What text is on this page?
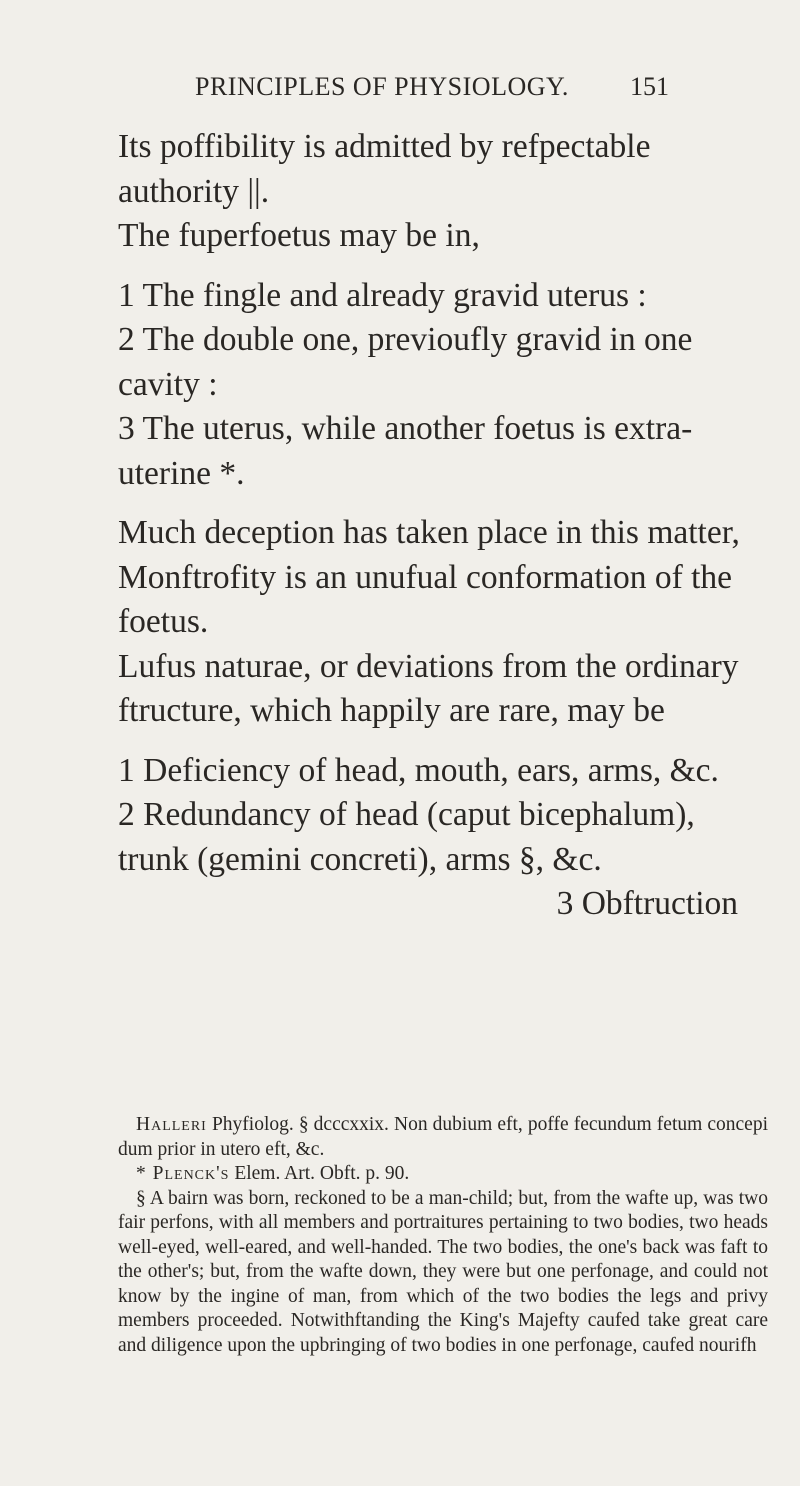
PRINCIPLES OF PHYSIOLOGY. 151

Its poffibility is admitted by refpectable authority ||.

The fuperfoetus may be in,

1 The fingle and already gravid uterus :

2 The double one, previoufly gravid in one cavity :

3 The uterus, while another foetus is extra-uterine *.

Much deception has taken place in this matter,

Monftrofity is an unufual conformation of the foetus.

Lufus naturae, or deviations from the ordinary ftructure, which happily are rare, may be

1 Deficiency of head, mouth, ears, arms, &c.

2 Redundancy of head (caput bicephalum), trunk (gemini concreti), arms §, &c.

3 Obftruction

Halleri Phyfiolog. § dcccxxix. Non dubium eft, poffe fecundum fetum concepi dum prior in utero eft, &c.

* Plenck's Elem. Art. Obft. p. 90.

§ A bairn was born, reckoned to be a man-child; but, from the wafte up, was two fair perfons, with all members and portraitures pertaining to two bodies, two heads well-eyed, well-eared, and well-handed. The two bodies, the one's back was faft to the other's; but, from the wafte down, they were but one perfonage, and could not know by the ingine of man, from which of the two bodies the legs and privy members proceeded. Notwithftanding the King's Majefty caufed take great care and diligence upon the upbringing of two bodies in one perfonage, caufed nourifh
